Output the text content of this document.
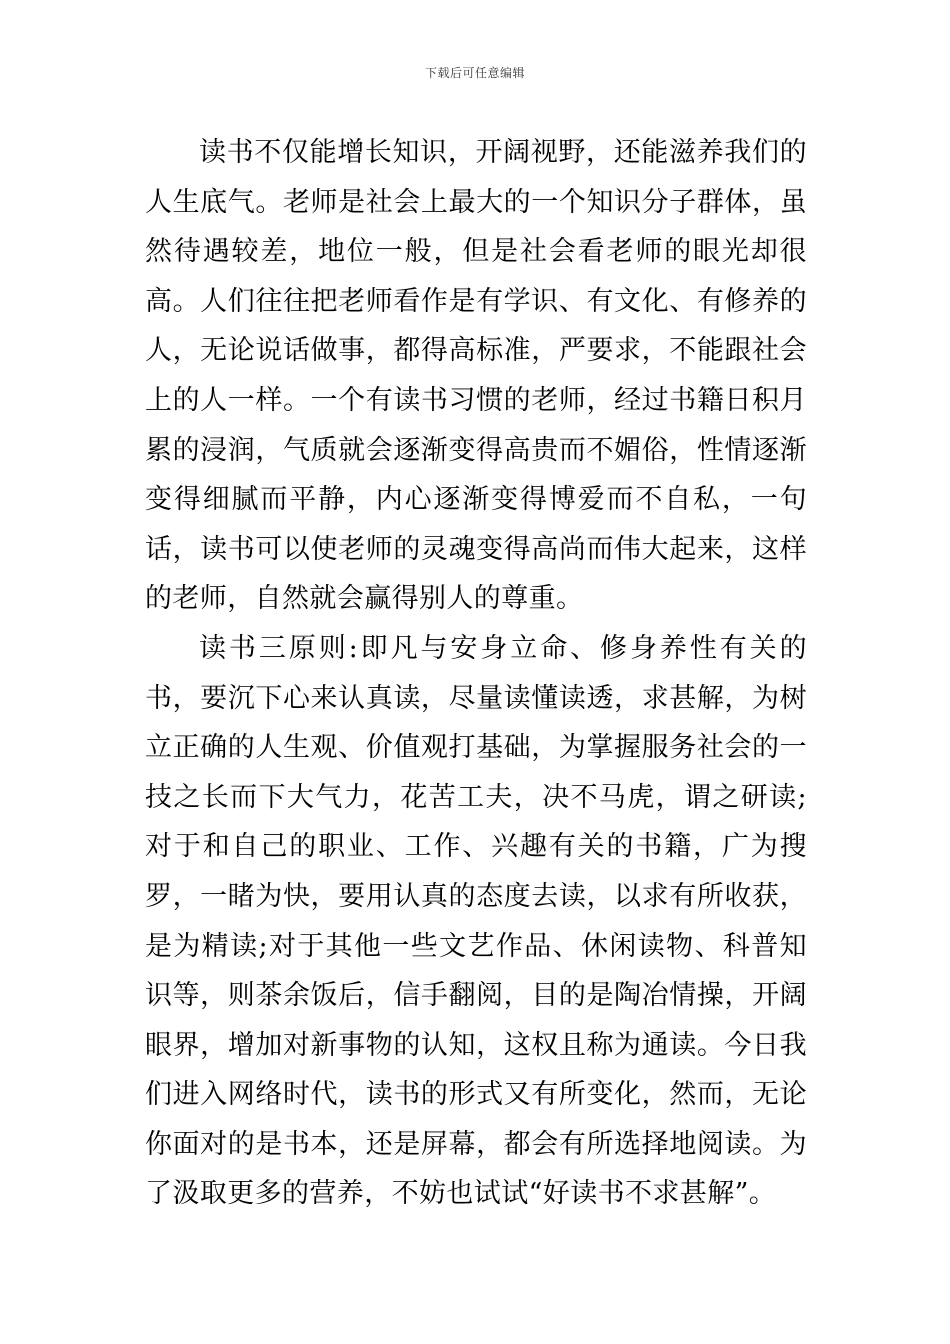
下载后可任意编辑

读书不仅能增长知识，开阔视野，还能滋养我们的人生底气。老师是社会上最大的一个知识分子群体，虽然待遇较差，地位一般，但是社会看老师的眼光却很高。人们往往把老师看作是有学识、有文化、有修养的人，无论说话做事，都得高标准，严要求，不能跟社会上的人一样。一个有读书习惯的老师，经过书籍日积月累的浸润，气质就会逐渐变得高贵而不媚俗，性情逐渐变得细腻而平静，内心逐渐变得博爱而不自私，一句话，读书可以使老师的灵魂变得高尚而伟大起来，这样的老师，自然就会赢得别人的尊重。

读书三原则:即凡与安身立命、修身养性有关的书，要沉下心来认真读，尽量读懂读透，求甚解，为树立正确的人生观、价值观打基础，为掌握服务社会的一技之长而下大气力，花苦工夫，决不马虎，谓之研读;对于和自己的职业、工作、兴趣有关的书籍，广为搜罗，一睹为快，要用认真的态度去读，以求有所收获，是为精读;对于其他一些文艺作品、休闲读物、科普知识等，则茶余饭后，信手翻阅，目的是陶冶情操，开阔眼界，增加对新事物的认知，这权且称为通读。今日我们进入网络时代，读书的形式又有所变化，然而，无论你面对的是书本，还是屏幕，都会有所选择地阅读。为了汲取更多的营养，不妨也试试“好读书不求甚解”。
